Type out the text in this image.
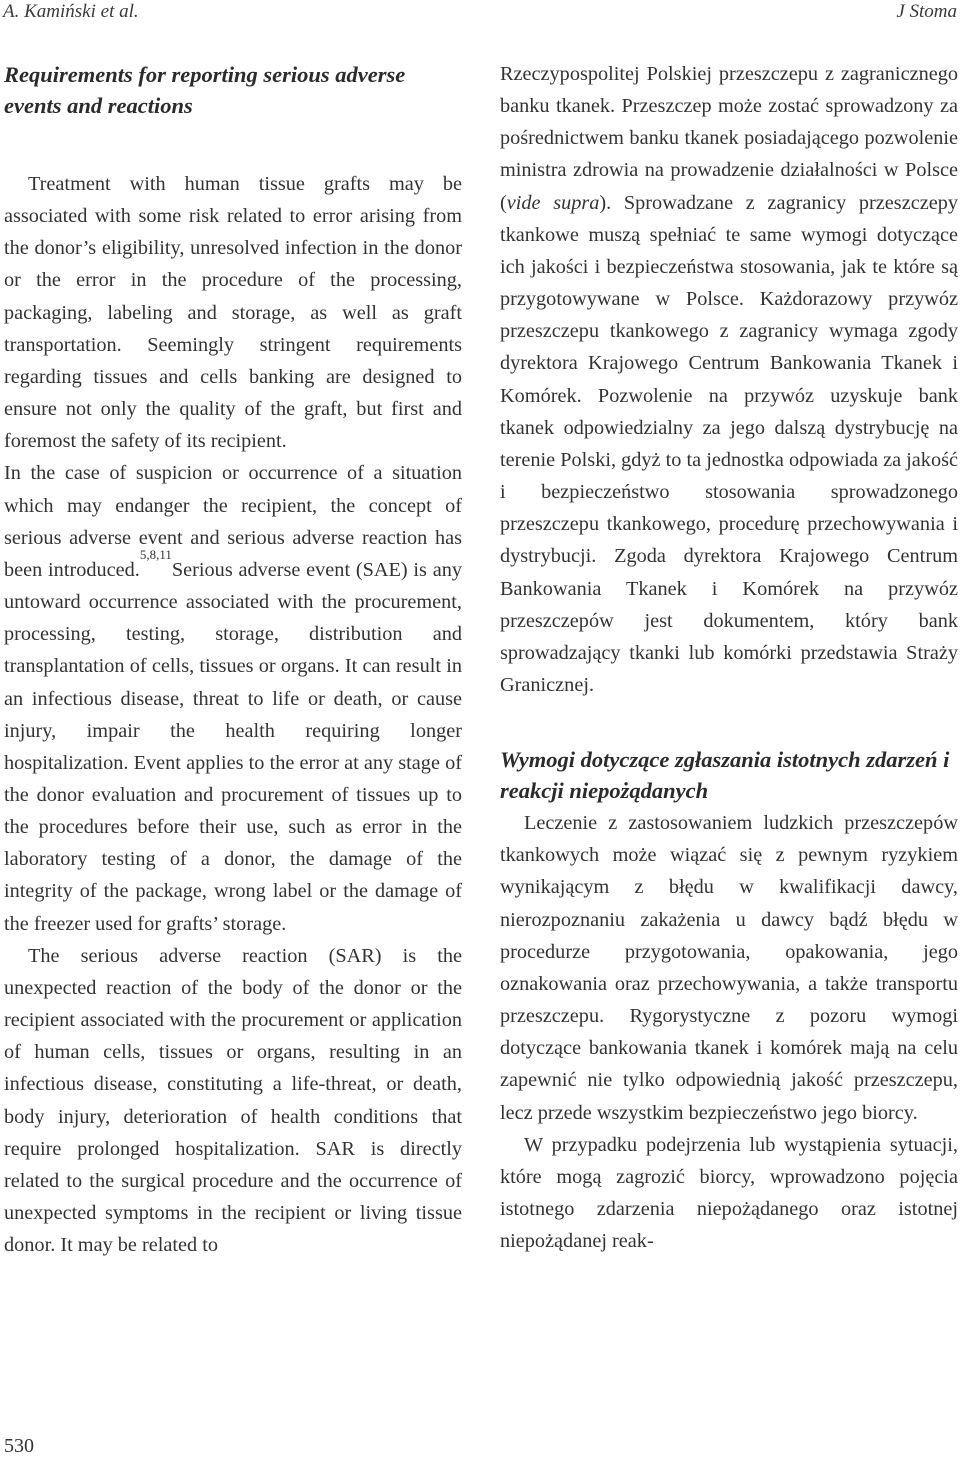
A. Kamiński et al.	J Stoma
Requirements for reporting serious adverse events and reactions

Treatment with human tissue grafts may be associated with some risk related to error arising from the donor’s eligibility, unresolved infection in the donor or the error in the procedure of the processing, packaging, labeling and storage, as well as graft transportation. Seemingly stringent requirements regarding tissues and cells banking are designed to ensure not only the quality of the graft, but first and foremost the safety of its recipient.

In the case of suspicion or occurrence of a situation which may endanger the recipient, the concept of serious adverse event and serious adverse reaction has been introduced.$^{5,8,11}$Serious adverse event (SAE) is any untoward occurrence associated with the procurement, processing, testing, storage, distribution and transplantation of cells, tissues or organs. It can result in an infectious disease, threat to life or death, or cause injury, impair the health requiring longer hospitalization. Event applies to the error at any stage of the donor evaluation and procurement of tissues up to the procedures before their use, such as error in the laboratory testing of a donor, the damage of the integrity of the package, wrong label or the damage of the freezer used for grafts’ storage.

The serious adverse reaction (SAR) is the unexpected reaction of the body of the donor or the recipient associated with the procurement or application of human cells, tissues or organs, resulting in an infectious disease, constituting a life-threat, or death, body injury, deterioration of health conditions that require prolonged hospitalization. SAR is directly related to the surgical procedure and the occurrence of unexpected symptoms in the recipient or living tissue donor. It may be related to

Rzeczypospolitej Polskiej przeszczepu z zagranicznego banku tkanek. Przeszczep może zostać sprowadzony za pośrednictwem banku tkanek posiadającego pozwolenie ministra zdrowia na prowadzenie działalności w Polsce (vide supra). Sprowadzane z zagranicy przeszczepy tkankowe muszą spełniać te same wymogi dotyczące ich jakości i bezpieczeństwa stosowania, jak te które są przygotowywane w Polsce. Każdorazowy przywóz przeszczepu tkankowego z zagranicy wymaga zgody dyrektora Krajowego Centrum Bankowania Tkanek i Komórek. Pozwolenie na przywóz uzyskuje bank tkanek odpowiedzialny za jego dalszą dystrybucję na terenie Polski, gdyż to ta jednostka odpowiada za jakość i bezpieczeństwo stosowania sprowadzonego przeszczepu tkankowego, procedurę przechowywania i dystrybucji. Zgoda dyrektora Krajowego Centrum Bankowania Tkanek i Komórek na przywóz przeszczepów jest dokumentem, który bank sprowadzający tkanki lub komórki przedstawia Straży Granicznej.

Wymogi dotyczące zgłaszania istotnych zdarzeń i reakcji niepożądanych

Leczenie z zastosowaniem ludzkich przeszczepów tkankowych może wiązać się z pewnym ryzykiem wynikającym z błędu w kwalifikacji dawcy, nierozpoznaniu zakażenia u dawcy bądź błędu w procedurze przygotowania, opakowania, jego oznakowania oraz przechowywania, a także transportu przeszczepu. Rygorystyczne z pozoru wymogi dotyczące bankowania tkanek i komórek mają na celu zapewnić nie tylko odpowiednią jakość przeszczepu, lecz przede wszystkim bezpieczeństwo jego biorcy.

W przypadku podejrzenia lub wystąpienia sytuacji, które mogą zagrozić biorcy, wprowadzono pojęcia istotnego zdarzenia niepożądanego oraz istotnej niepożądanej reak-

530
